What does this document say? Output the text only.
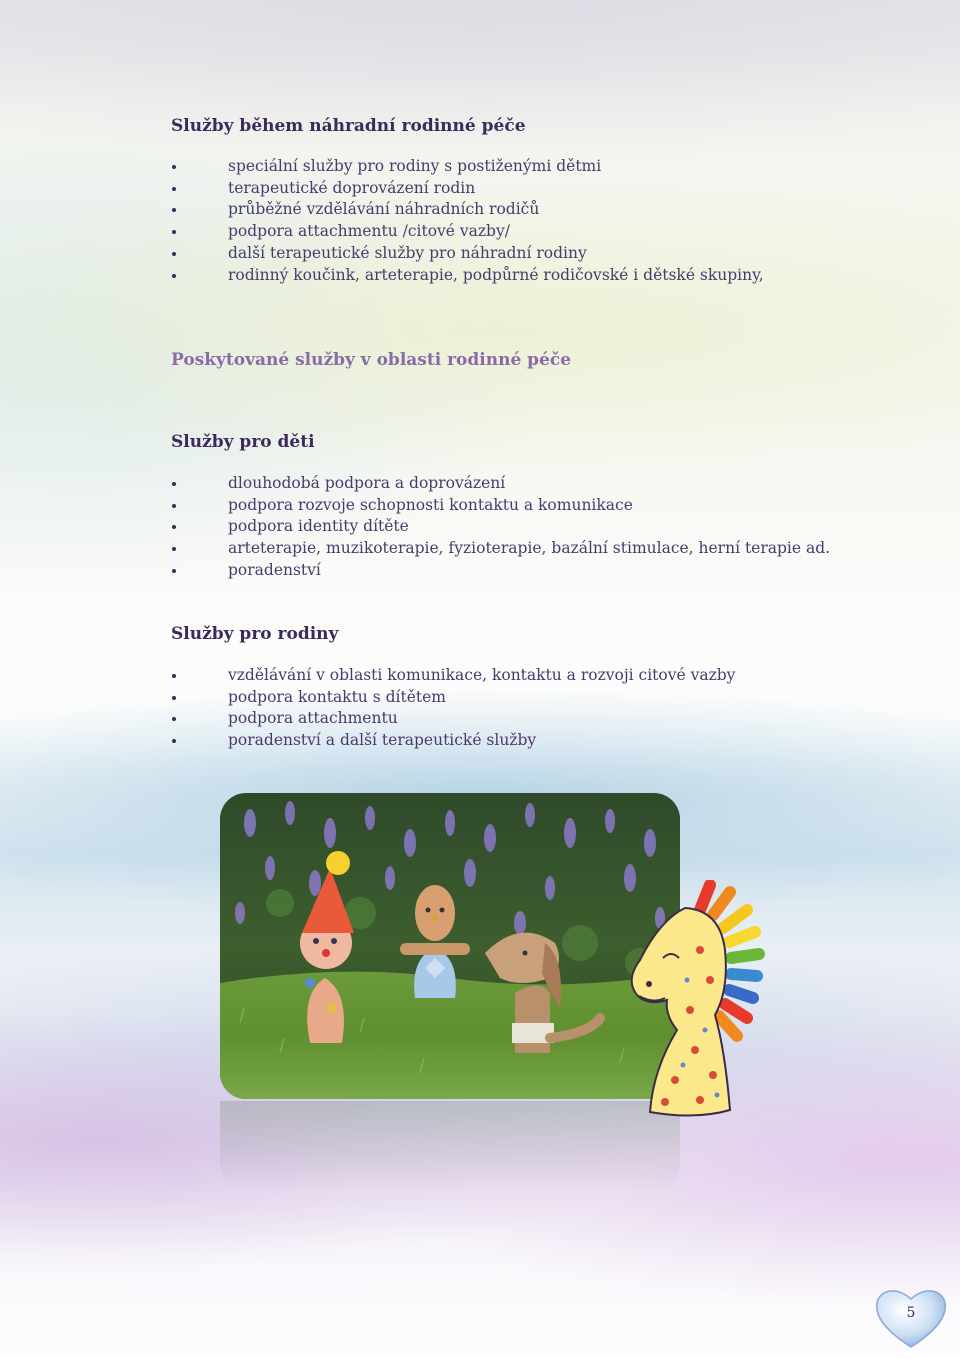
Služby během náhradní rodinné péče
speciální služby pro rodiny s postiženými dětmi
terapeutické doprovázení rodin
průběžné vzdělávání náhradních rodičů
podpora attachmentu /citové vazby/
další terapeutické služby pro náhradní rodiny
rodinný koučink, arteterapie, podpůrné rodičovské i dětské skupiny,
Poskytované služby v oblasti rodinné péče
Služby pro děti
dlouhodobá podpora a doprovázení
podpora rozvoje schopnosti kontaktu a komunikace
podpora identity dítěte
arteterapie, muzikoterapie, fyzioterapie, bazální stimulace, herní terapie ad.
poradenství
Služby pro rodiny
vzdělávání v oblasti komunikace, kontaktu a rozvoji citové vazby
podpora kontaktu s dítětem
podpora attachmentu
poradenství a další terapeutické služby
5
